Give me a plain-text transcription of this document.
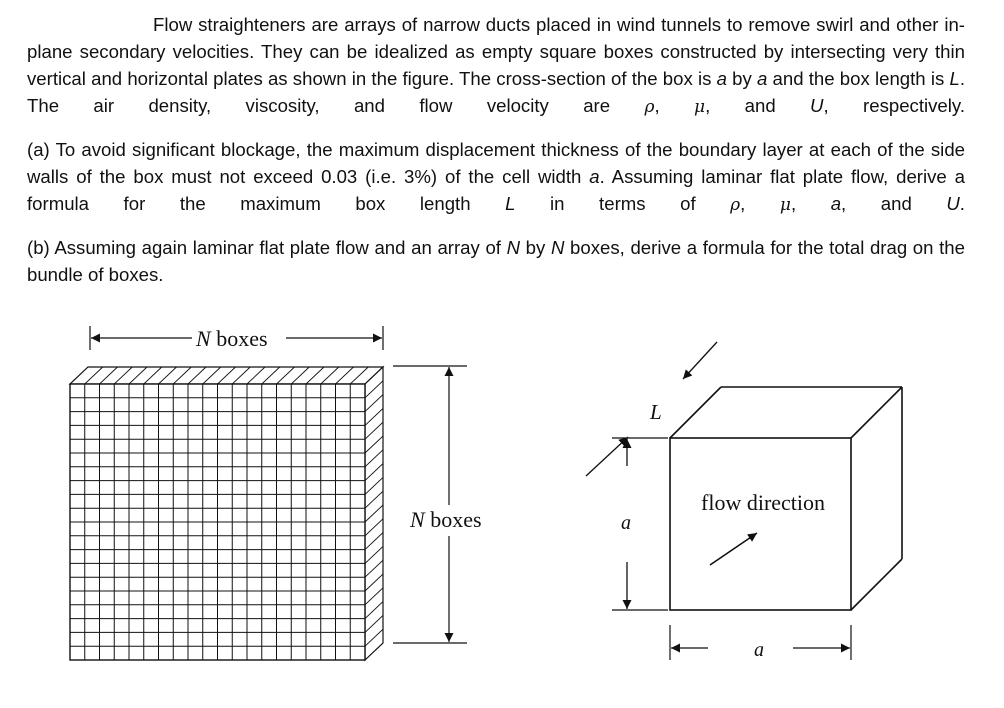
Flow straighteners are arrays of narrow ducts placed in wind tunnels to remove swirl and other in-plane secondary velocities. They can be idealized as empty square boxes constructed by intersecting very thin vertical and horizontal plates as shown in the figure. The cross-section of the box is a by a and the box length is L. The air density, viscosity, and flow velocity are ρ, μ, and U, respectively.
(a) To avoid significant blockage, the maximum displacement thickness of the boundary layer at each of the side walls of the box must not exceed 0.03 (i.e. 3%) of the cell width a. Assuming laminar flat plate flow, derive a formula for the maximum box length L in terms of ρ, μ, a, and U.
(b) Assuming again laminar flat plate flow and an array of N by N boxes, derive a formula for the total drag on the bundle of boxes.
N boxes
N boxes
L
a
a
flow direction
